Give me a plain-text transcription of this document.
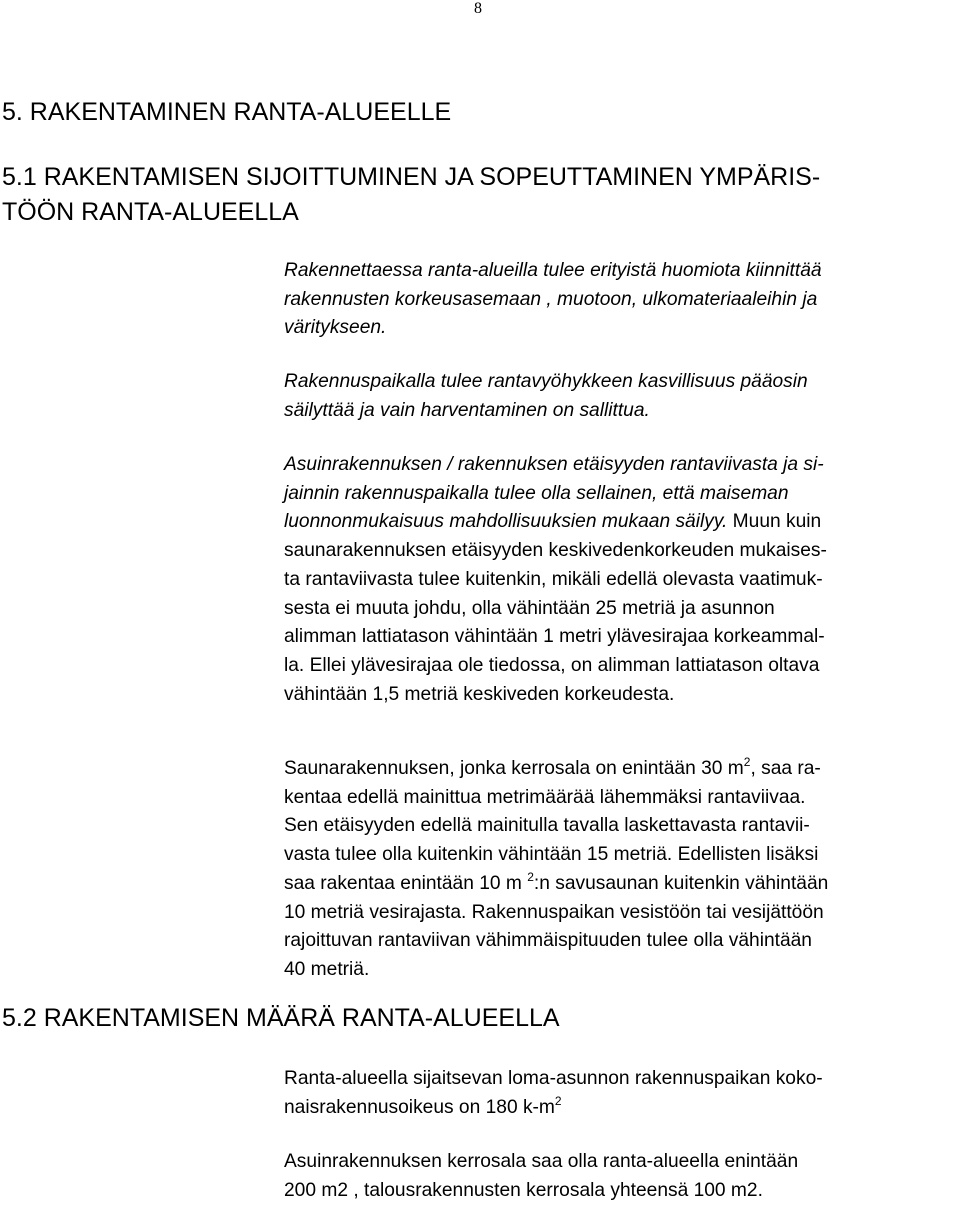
8
5. RAKENTAMINEN RANTA-ALUEELLE
5.1 RAKENTAMISEN SIJOITTUMINEN JA SOPEUTTAMINEN YMPÄRIS-
TÖÖN RANTA-ALUEELLA
Rakennettaessa ranta-alueilla tulee erityistä huomiota kiinnittää
rakennusten korkeusasemaan , muotoon, ulkomateriaaleihin ja
väritykseen.
Rakennuspaikalla tulee rantavyöhykkeen kasvillisuus pääosin
säilyttää ja vain harventaminen on sallittua.
Asuinrakennuksen / rakennuksen etäisyyden rantaviivasta ja si-
jainnin rakennuspaikalla tulee olla sellainen, että maiseman
luonnonmukaisuus mahdollisuuksien mukaan säilyy. Muun kuin
saunarakennuksen etäisyyden keskivedenkorkeuden mukaises-
ta rantaviivasta tulee kuitenkin, mikäli edellä olevasta vaatimuk-
sesta ei muuta johdu, olla vähintään 25 metriä ja asunnon
alimman lattiatason vähintään 1 metri ylävesirajaa korkeammal-
la. Ellei ylävesirajaa ole tiedossa, on alimman lattiatason oltava
vähintään 1,5 metriä keskiveden korkeudesta.
Saunarakennuksen, jonka kerrosala on enintään 30 $m^2$, saa ra-
kentaa edellä mainittua metrimäärää lähemmäksi rantaviivaa.
Sen etäisyyden edellä mainitulla tavalla laskettavasta rantavii-
vasta tulee olla kuitenkin vähintään 15 metriä. Edellisten lisäksi
saa rakentaa enintään 10 m $^2$:n savusaunan kuitenkin vähintään
10 metriä vesirajasta. Rakennuspaikan vesistöön tai vesijättöön
rajoittuvan rantaviivan vähimmäispituuden tulee olla vähintään
40 metriä.
5.2 RAKENTAMISEN MÄÄRÄ RANTA-ALUEELLA
Ranta-alueella sijaitsevan loma-asunnon rakennuspaikan koko-
naisrakennusoikeus on 180 $k-m^2$
Asuinrakennuksen kerrosala saa olla ranta-alueella enintään
200 m2 , talousrakennusten kerrosala yhteensä 100 m2.
